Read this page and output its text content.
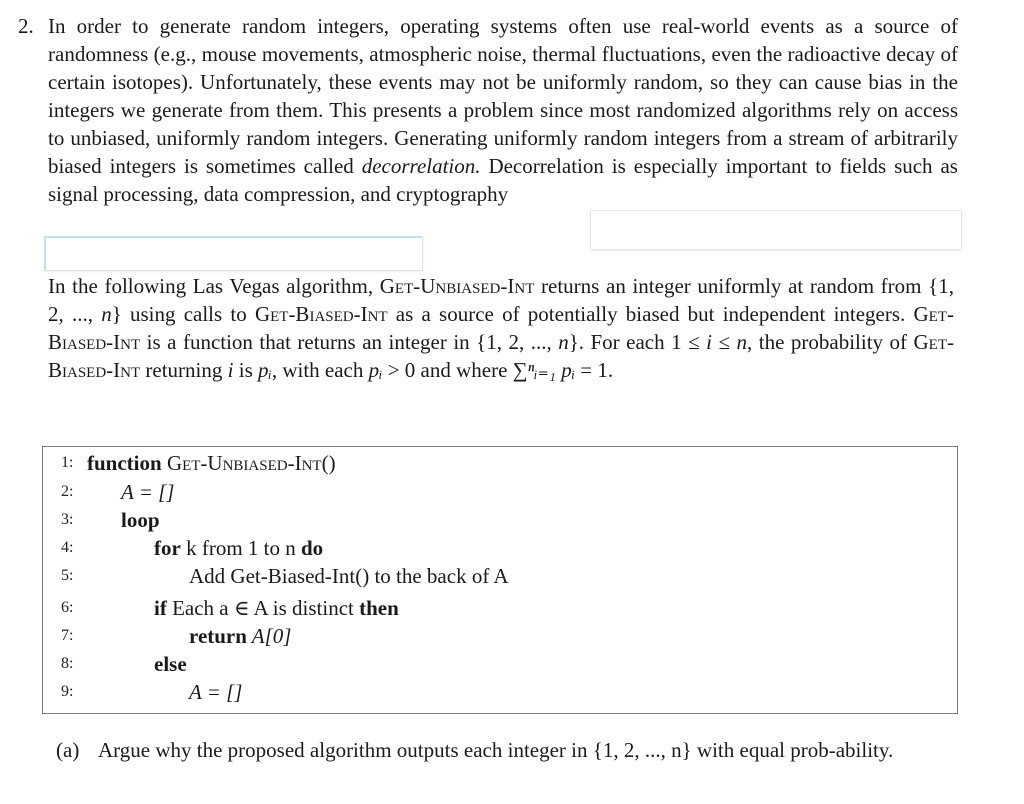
2. In order to generate random integers, operating systems often use real-world events as a source of randomness (e.g., mouse movements, atmospheric noise, thermal fluctuations, even the radioactive decay of certain isotopes). Unfortunately, these events may not be uniformly random, so they can cause bias in the integers we generate from them. This presents a problem since most randomized algorithms rely on access to unbiased, uniformly random integers. Generating uniformly random integers from a stream of arbitrarily biased integers is sometimes called decorrelation. Decorrelation is especially important to fields such as signal processing, data compression, and cryptography
In the following Las Vegas algorithm, Get-Unbiased-Int returns an integer uniformly at random from {1, 2, ..., n} using calls to Get-Biased-Int as a source of potentially biased but independent integers. Get-Biased-Int is a function that returns an integer in {1, 2, ..., n}. For each 1 ≤ i ≤ n, the probability of Get-Biased-Int returning i is pᵢ, with each pᵢ > 0 and where ∑ⁿᵢ₌₁ pᵢ = 1.
1: function Get-Unbiased-Int()
2:	A = []
3:	loop
4:	for k from 1 to n do
5:	Add Get-Biased-Int() to the back of A
6:	if Each a ∈ A is distinct then
7:	return A[0]
8:	else
9:	A = []
(a) Argue why the proposed algorithm outputs each integer in {1, 2, ..., n} with equal prob-ability.
